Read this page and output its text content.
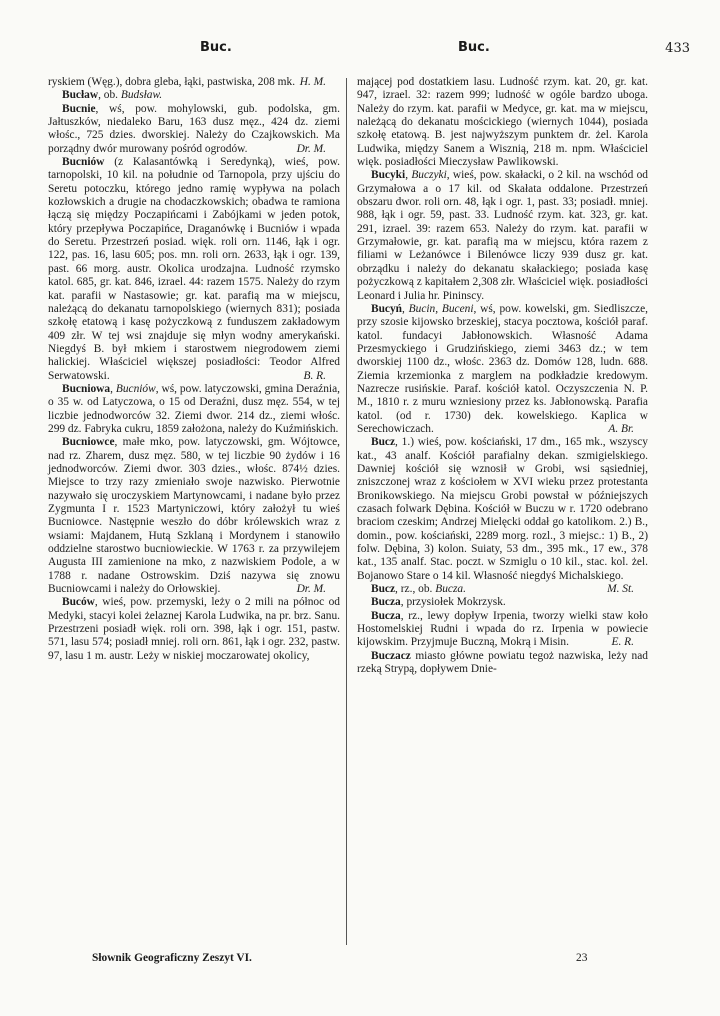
Buc.	Buc.	433

ryskiem (Węg.), dobra gleba, łąki, pastwiska, 208 mk. H. M.

Bucław, ob. Budsław.

Bucnie, wś, pow. mohylowski, gub. podolska, gm. Jałtuszków, niedaleko Baru, 163 dusz męz., 424 dz. ziemi włośc., 725 dzies. dworskiej. Należy do Czajkowskich. Ma porządny dwór murowany pośród ogrodów.	Dr. M.

Bucniów (z Kalasantówką i Seredynką), wieś, pow. tarnopolski, 10 kil. na południe od Tarnopola, przy ujściu do Seretu potoczku, którego jedno ramię wypływa na polach kozłowskich a drugie na chodaczkowskich; obadwa te ramiona łączą się między Poczapińcami i Zabójkami w jeden potok, który przepływa Poczapińce, Draganówkę i Bucniów i wpada do Seretu. Przestrzeń posiad. więk. roli orn. 1146, łąk i ogr. 122, pas. 16, lasu 605; pos. mn. roli orn. 2633, łąk i ogr. 139, past. 66 morg. austr. Okolica urodzajna. Ludność rzymsko katol. 685, gr. kat. 846, izrael. 44: razem 1575. Należy do rzym kat. parafii w Nastasowie; gr. kat. parafią ma w miejscu, należącą do dekanatu tarnopolskiego (wiernych 831); posiada szkołę etatową i kasę pożyczkową z funduszem zakładowym 409 złr. W tej wsi znajduje się młyn wodny amerykański. Niegdyś B. był mkiem i starostwem niegrodowem ziemi halickiej. Właściciel większej posiadłości: Teodor Alfred Serwatowski.	B. R.

Bucniowa, Bucniów, wś, pow. latyczowski, gmina Deraźnia, o 35 w. od Latyczowa, o 15 od Deraźni, dusz męz. 554, w tej liczbie jednodworców 32. Ziemi dwor. 214 dz., ziemi włośc. 299 dz. Fabryka cukru, 1859 założona, należy do Kuźmińskich.

Bucniowce, małe mko, pow. latyczowski, gm. Wójtowce, nad rz. Zharem, dusz męz. 580, w tej liczbie 90 żydów i 16 jednodworców. Ziemi dwor. 303 dzies., włośc. 874½ dzies. Miejsce to trzy razy zmieniało swoje nazwisko. Pierwotnie nazywało się uroczyskiem Martynowcami, i nadane było przez Zygmunta I r. 1523 Martyniczowi, który założył tu wieś Bucniowce. Następnie weszło do dóbr królewskich wraz z wsiami: Majdanem, Hutą Szklaną i Mordynem i stanowiło oddzielne starostwo bucniowieckie. W 1763 r. za przywilejem Augusta III zamienione na mko, z nazwiskiem Podole, a w 1788 r. nadane Ostrowskim. Dziś nazywa się znowu Bucniowcami i należy do Orłowskiej.	Dr. M.

Buców, wieś, pow. przemyski, leży o 2 mili na północ od Medyki, stacyi kolei żelaznej Karola Ludwika, na pr. brz. Sanu. Przestrzeni posiadł więk. roli orn. 398, łąk i ogr. 151, pastw. 571, lasu 574; posiadł mniej. roli orn. 861, łąk i ogr. 232, pastw. 97, lasu 1 m. austr. Leży w niskiej moczarowatej okolicy,

mającej pod dostatkiem lasu. Ludność rzym. kat. 20, gr. kat. 947, izrael. 32: razem 999; ludność w ogóle bardzo uboga. Należy do rzym. kat. parafii w Medyce, gr. kat. ma w miejscu, należącą do dekanatu mościckiego (wiernych 1044), posiada szkołę etatową. B. jest najwyższym punktem dr. żel. Karola Ludwika, między Sanem a Wisznią, 218 m. npm. Właściciel więk. posiadłości Mieczysław Pawlikowski.

Bucyki, Buczyki, wieś, pow. skałacki, o 2 kil. na wschód od Grzymałowa a o 17 kil. od Skałata oddalone. Przestrzeń obszaru dwor. roli orn. 48, łąk i ogr. 1, past. 33; posiadł. mniej. 988, łąk i ogr. 59, past. 33. Ludność rzym. kat. 323, gr. kat. 291, izrael. 39: razem 653. Należy do rzym. kat. parafii w Grzymałowie, gr. kat. parafią ma w miejscu, która razem z filiami w Leżanówce i Bilenówce liczy 939 dusz gr. kat. obrządku i należy do dekanatu skałackiego; posiada kasę pożyczkową z kapitałem 2,308 złr. Właściciel więk. posiadłości Leonard i Julia hr. Pininscy.

Bucyń, Bucin, Buceni, wś, pow. kowelski, gm. Siedliszcze, przy szosie kijowsko brzeskiej, stacya pocztowa, kościół paraf. katol. fundacyi Jabłonowskich. Własność Adama Przesmyckiego i Grudzińskiego, ziemi 3463 dz.; w tem dworskiej 1100 dz., włośc. 2363 dz. Domów 128, ludn. 688. Ziemia krzemionka z marglem na podkładzie kredowym. Nazrecze rusińskie. Paraf. kościół katol. Oczyszczenia N. P. M., 1810 r. z muru wzniesiony przez ks. Jabłonowską. Parafia katol. (od r. 1730) dek. kowelskiego. Kaplica w Serechowiczach.	A. Br.

Bucz, 1.) wieś, pow. kościański, 17 dm., 165 mk., wszyscy kat., 43 analf. Kościół parafialny dekan. szmigielskiego. Dawniej kościół się wznosił w Grobi, wsi sąsiedniej, zniszczonej wraz z kościołem w XVI wieku przez protestanta Bronikowskiego. Na miejscu Grobi powstał w późniejszych czasach folwark Dębina. Kościół w Buczu w r. 1720 odebrano braciom czeskim; Andrzej Mielęcki oddał go katolikom. 2.) B., domin., pow. kościański, 2289 morg. rozl., 3 miejsc.: 1) B., 2) folw. Dębina, 3) kolon. Suiaty, 53 dm., 395 mk., 17 ew., 378 kat., 135 analf. Stac. poczt. w Szmiglu o 10 kil., stac. kol. żel. Bojanowo Stare o 14 kil. Własność niegdyś Michalskiego.
M. St.

Bucz, rz., ob. Bucza.

Bucza, przysiołek Mokrzysk.

Bucza, rz., lewy dopływ Irpenia, tworzy wielki staw koło Hostomelskiej Rudni i wpada do rz. Irpenia w powiecie kijowskim. Przyjmuje Buczną, Mokrą i Misin.	E. R.

Buczacz miasto główne powiatu tegoż nazwiska, leży nad rzeką Strypą, dopływem Dnie-

Słownik Geograficzny Zeszyt VI.	23
